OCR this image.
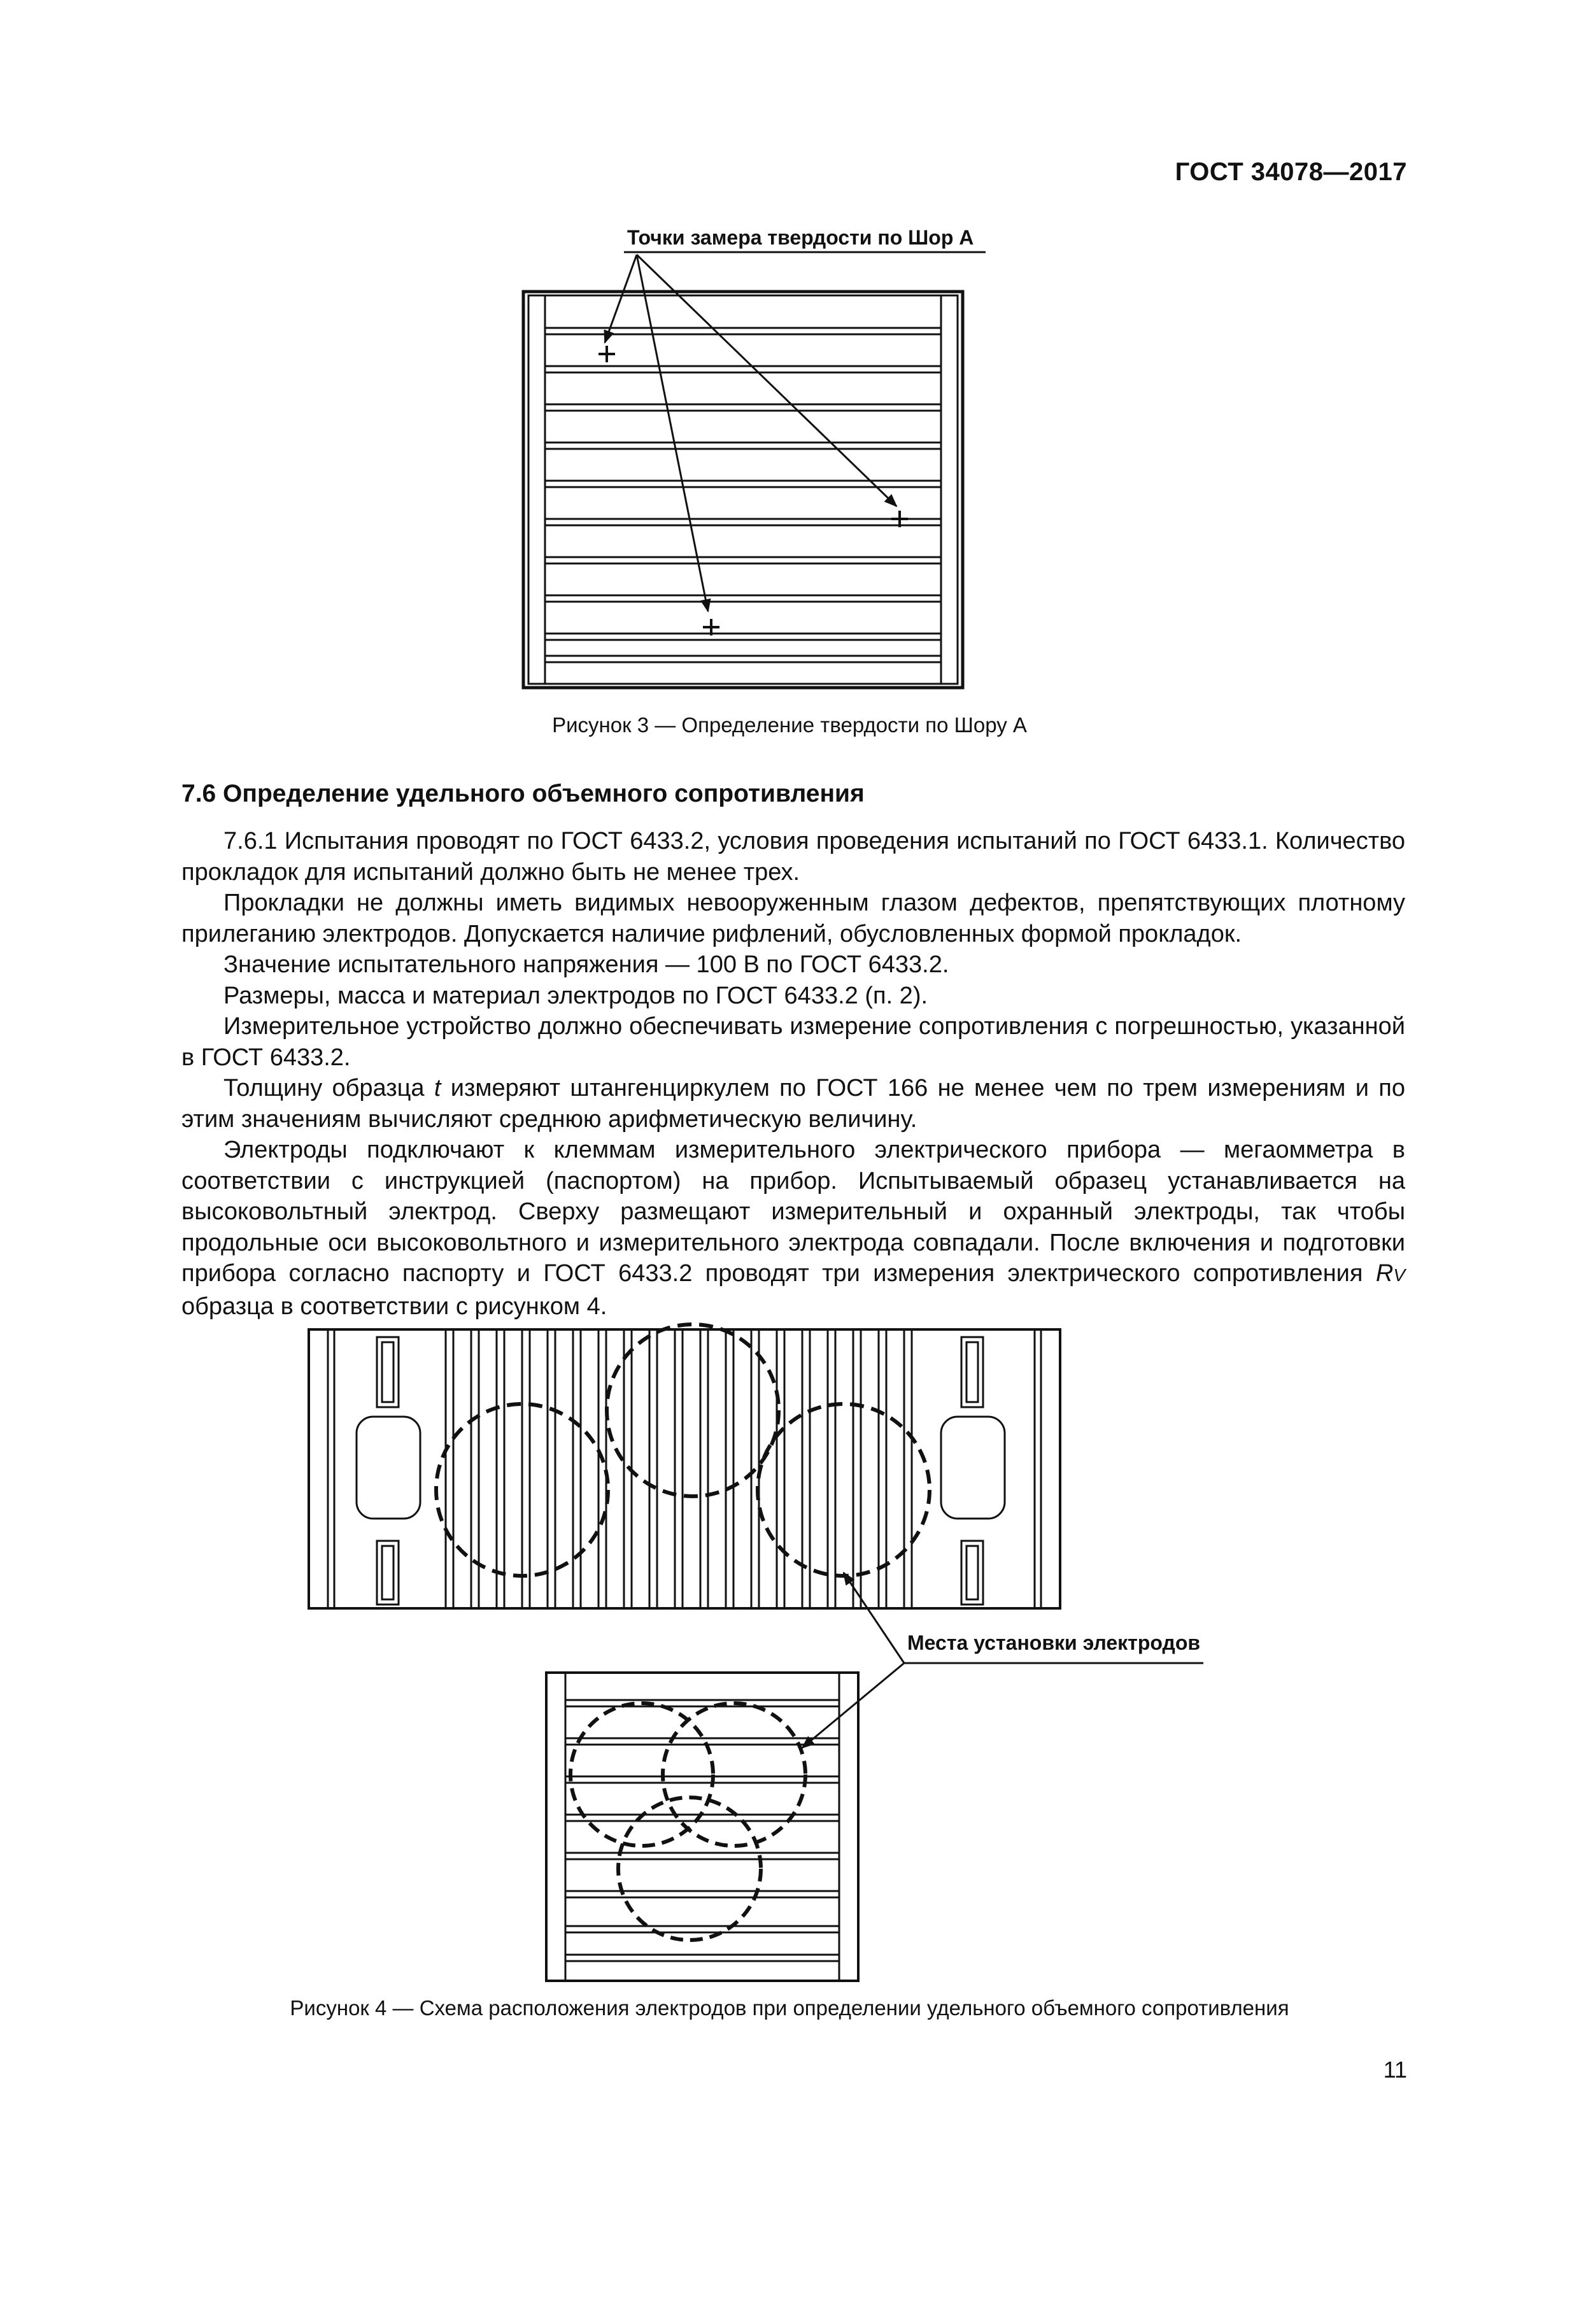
ГОСТ 34078—2017
Точки замера твердости по Шор А
Рисунок 3 — Определение твердости по Шору А
7.6 Определение удельного объемного сопротивления

7.6.1 Испытания проводят по ГОСТ 6433.2, условия проведения испытаний по ГОСТ 6433.1. Количество прокладок для испытаний должно быть не менее трех.

Прокладки не должны иметь видимых невооруженным глазом дефектов, препятствующих плотному прилеганию электродов. Допускается наличие рифлений, обусловленных формой прокладок.

Значение испытательного напряжения — 100 В по ГОСТ 6433.2.

Размеры, масса и материал электродов по ГОСТ 6433.2 (п. 2).

Измерительное устройство должно обеспечивать измерение сопротивления с погрешностью, указанной в ГОСТ 6433.2.

Толщину образца t измеряют штангенциркулем по ГОСТ 166 не менее чем по трем измерениям и по этим значениям вычисляют среднюю арифметическую величину.

Электроды подключают к клеммам измерительного электрического прибора — мегаомметра в соответствии с инструкцией (паспортом) на прибор. Испытываемый образец устанавливается на высоковольтный электрод. Сверху размещают измерительный и охранный электроды, так чтобы продольные оси высоковольтного и измерительного электрода совпадали. После включения и подготовки прибора согласно паспорту и ГОСТ 6433.2 проводят три измерения электрического сопротивления RV образца в соответствии с рисунком 4.

Места установки электродов
Рисунок 4 — Схема расположения электродов при определении удельного объемного сопротивления
11
